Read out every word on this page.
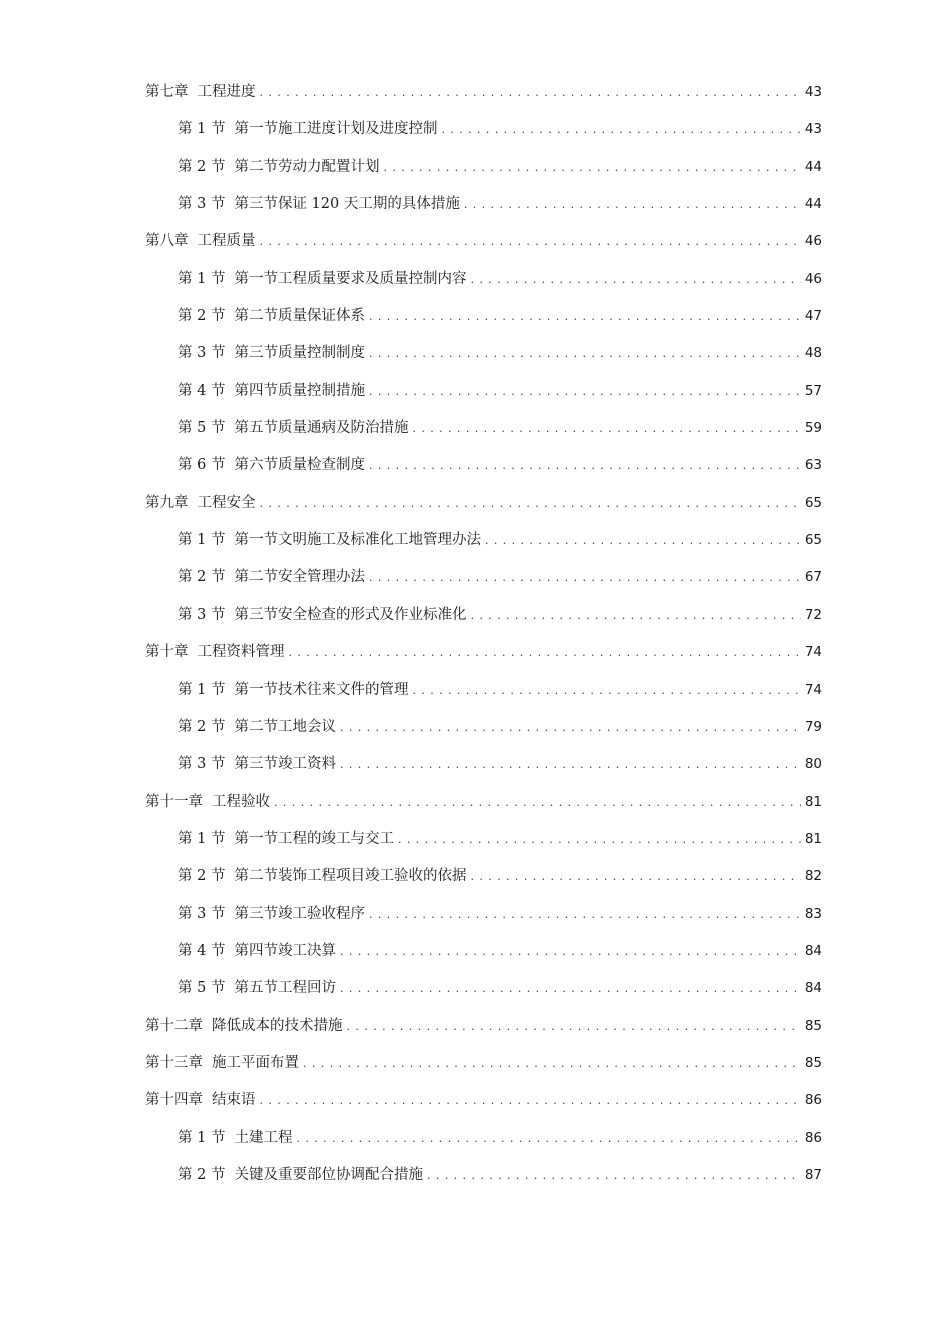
第七章 工程进度 .....	43
第 1 节 第一节施工进度计划及进度控制 .....	43
第 2 节 第二节劳动力配置计划 .....	44
第 3 节 第三节保证 120 天工期的具体措施 .....	44
第八章 工程质量 .....	46
第 1 节 第一节工程质量要求及质量控制内容 .....	46
第 2 节 第二节质量保证体系 .....	47
第 3 节 第三节质量控制制度 .....	48
第 4 节 第四节质量控制措施 .....	57
第 5 节 第五节质量通病及防治措施 .....	59
第 6 节 第六节质量检查制度 .....	63
第九章 工程安全 .....	65
第 1 节 第一节文明施工及标准化工地管理办法 .....	65
第 2 节 第二节安全管理办法 .....	67
第 3 节 第三节安全检查的形式及作业标准化 .....	72
第十章 工程资料管理 .....	74
第 1 节 第一节技术往来文件的管理 .....	74
第 2 节 第二节工地会议 .....	79
第 3 节 第三节竣工资料 .....	80
第十一章 工程验收 .....	81
第 1 节 第一节工程的竣工与交工 .....	81
第 2 节 第二节装饰工程项目竣工验收的依据 .....	82
第 3 节 第三节竣工验收程序 .....	83
第 4 节 第四节竣工决算 .....	84
第 5 节 第五节工程回访 .....	84
第十二章 降低成本的技术措施 .....	85
第十三章 施工平面布置 .....	85
第十四章 结束语 .....	86
第 1 节 土建工程 .....	86
第 2 节 关键及重要部位协调配合措施 .....	87
